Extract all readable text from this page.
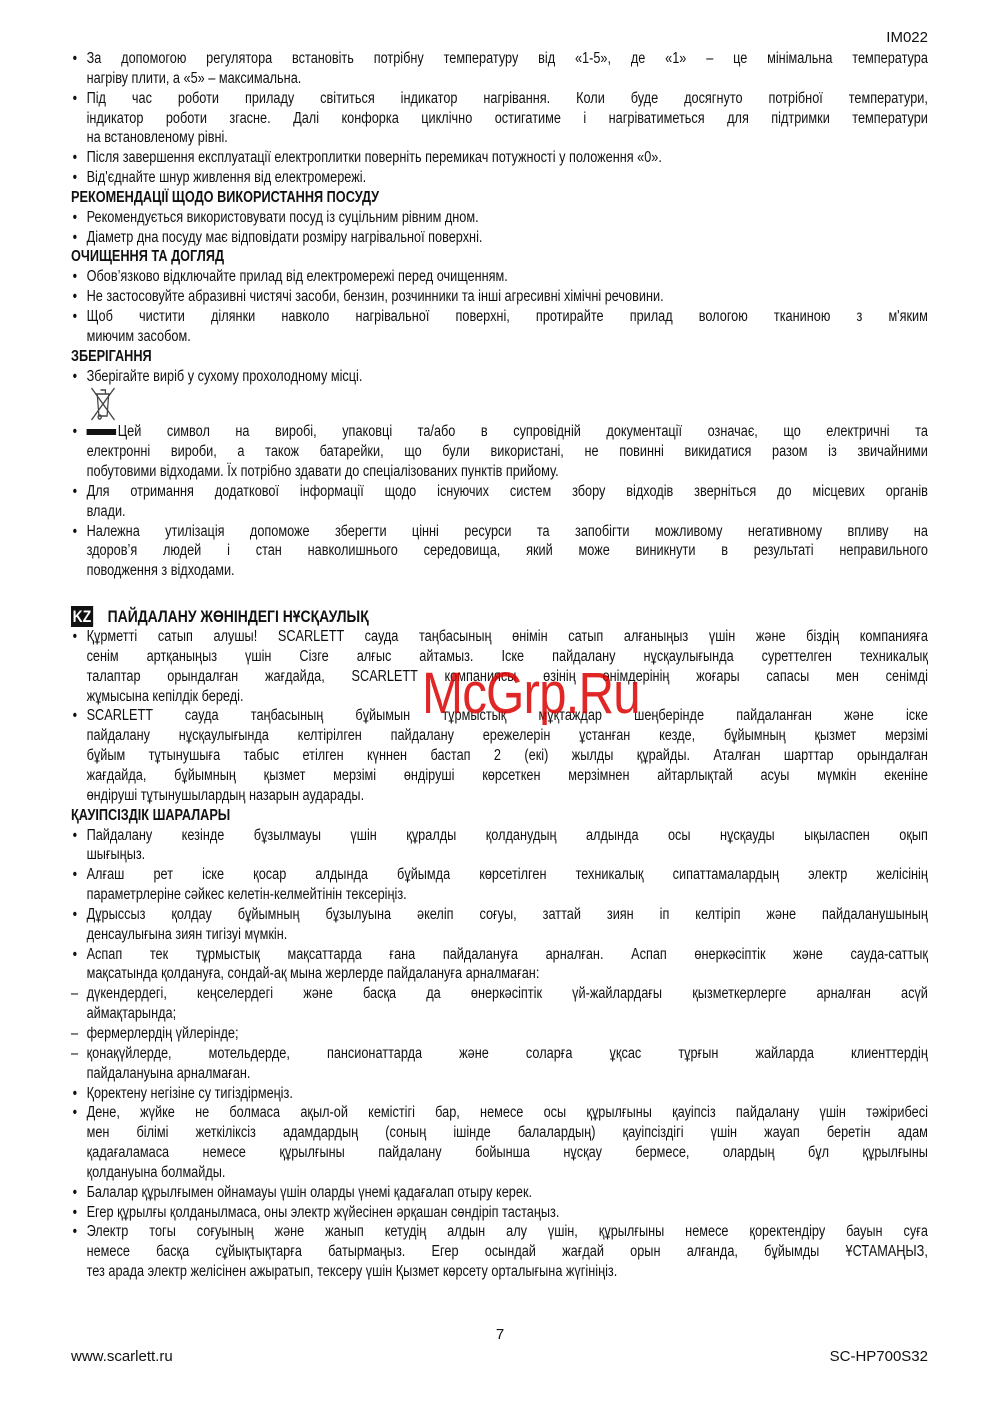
IM022
• За допомогою регулятора встановіть потрібну температуру від «1-5», де «1» – це мінімальна температура
нагріву плити, а «5» – максимальна.
• Під час роботи приладу світиться індикатор нагрівання. Коли буде досягнуто потрібної температури,
індикатор роботи згасне. Далі конфорка циклічно остигатиме і нагріватиметься для підтримки температури
на встановленому рівні.
• Після завершення експлуатації електроплитки поверніть перемикач потужності у положення «0».
• Від'єднайте шнур живлення від електромережі.
РЕКОМЕНДАЦІЇ ЩОДО ВИКОРИСТАННЯ ПОСУДУ
• Рекомендується використовувати посуд із суцільним рівним дном.
• Діаметр дна посуду має відповідати розміру нагрівальної поверхні.
ОЧИЩЕННЯ ТА ДОГЛЯД
• Обов’язково відключайте прилад від електромережі перед очищенням.
• Не застосовуйте абразивні чистячі засоби, бензин, розчинники та інші агресивні хімічні речовини.
• Щоб чистити ділянки навколо нагрівальної поверхні, протирайте прилад вологою тканиною з м'яким
миючим засобом.
ЗБЕРІГАННЯ
• Зберігайте виріб у сухому прохолодному місці.
•	Цей символ на виробі, упаковці та/або в супровідній документації означає, що електричні та
електронні вироби, а також батарейки, що були використані, не повинні викидатися разом із звичайними
побутовими відходами. Їх потрібно здавати до спеціалізованих пунктів прийому.
• Для отримання додаткової інформації щодо існуючих систем збору відходів зверніться до місцевих органів
влади.
• Належна утилізація допоможе зберегти цінні ресурси та запобігти можливому негативному впливу на
здоров’я людей і стан навколишнього середовища, який може виникнути в результаті неправильного
поводження з відходами.
KZ ПАЙДАЛАНУ ЖӨНІНДЕГІ НҰСҚАУЛЫҚ
• Құрметті сатып алушы! SCARLETT сауда таңбасының өнімін сатып алғаныңыз үшін және біздің компанияға
сенім артқаныңыз үшін Сізге алғыс айтамыз. Іске пайдалану нұсқаулығында суреттелген техникалық
талаптар орындалған жағдайда, SCARLETT компаниясы өзінің өнімдерінің жоғары сапасы мен сенімді
жұмысына кепілдік береді.
• SCARLETT сауда таңбасының бұйымын тұрмыстық мұқтаждар шеңберінде пайдаланған және іске
пайдалану нұсқаулығында келтірілген пайдалану ережелерін ұстанған кезде, бұйымның қызмет мерзімі
бұйым тұтынушыға табыс етілген күннен бастап 2 (екі) жылды құрайды. Аталған шарттар орындалған
жағдайда, бұйымның қызмет мерзімі өндіруші көрсеткен мерзімнен айтарлықтай асуы мүмкін екеніне
өндіруші тұтынушылардың назарын аударады.
ҚАУІПСІЗДІК ШАРАЛАРЫ
• Пайдалану кезінде бұзылмауы үшін құралды қолданудың алдында осы нұсқауды ықыласпен оқып
шығыңыз.
• Алғаш рет іске қосар алдында бұйымда көрсетілген техникалық сипаттамалардың электр желісінің
параметрлеріне сәйкес келетін-келмейтінін тексеріңіз.
• Дұрыссыз қолдау бұйымның бұзылуына әкеліп соғуы, заттай зиян іп келтіріп және пайдаланушының
денсаулығына зиян тигізуі мүмкін.
• Аспап тек тұрмыстық мақсаттарда ғана пайдалануға арналған. Аспап өнеркәсіптік және сауда-саттық
мақсатында қолдануға, сондай-ақ мына жерлерде пайдалануға арналмаған:
– дүкендердегі, кеңселердегі және басқа да өнеркәсіптік үй-жайлардағы қызметкерлерге арналған асүй
аймақтарында;
– фермерлердің үйлерінде;
– қонақүйлерде, мотельдерде, пансионаттарда және соларға ұқсас тұрғын жайларда клиенттердің
пайдалануына арналмаған.
• Қоректену негізіне су тигіздірмеңіз.
• Дене, жүйке не болмаса ақыл-ой кемістігі бар, немесе осы құрылғыны қауіпсіз пайдалану үшін тәжірибесі
мен білімі жеткіліксіз адамдардың (соның ішінде балалардың) қауіпсіздігі үшін жауап беретін адам
қадағаламаса немесе құрылғыны пайдалану бойынша нұсқау бермесе, олардың бұл құрылғыны
қолдануына болмайды.
• Балалар құрылғымен ойнамауы үшін оларды үнемі қадағалап отыру керек.
• Егер құрылғы қолданылмаса, оны электр жүйесінен әрқашан сөндіріп тастаңыз.
• Электр тогы соғуының және жанып кетудің алдын алу үшін, құрылғыны немесе қоректендіру бауын суға
немесе басқа сұйықтықтарға батырмаңыз. Егер осындай жағдай орын алғанда, бұйымды ҰСТАМАҢЫЗ,
тез арада электр желісінен ажыратып, тексеру үшін Қызмет көрсету орталығына жүгініңіз.
McGrp.Ru
7
www.scarlett.ru	SC-HP700S32
